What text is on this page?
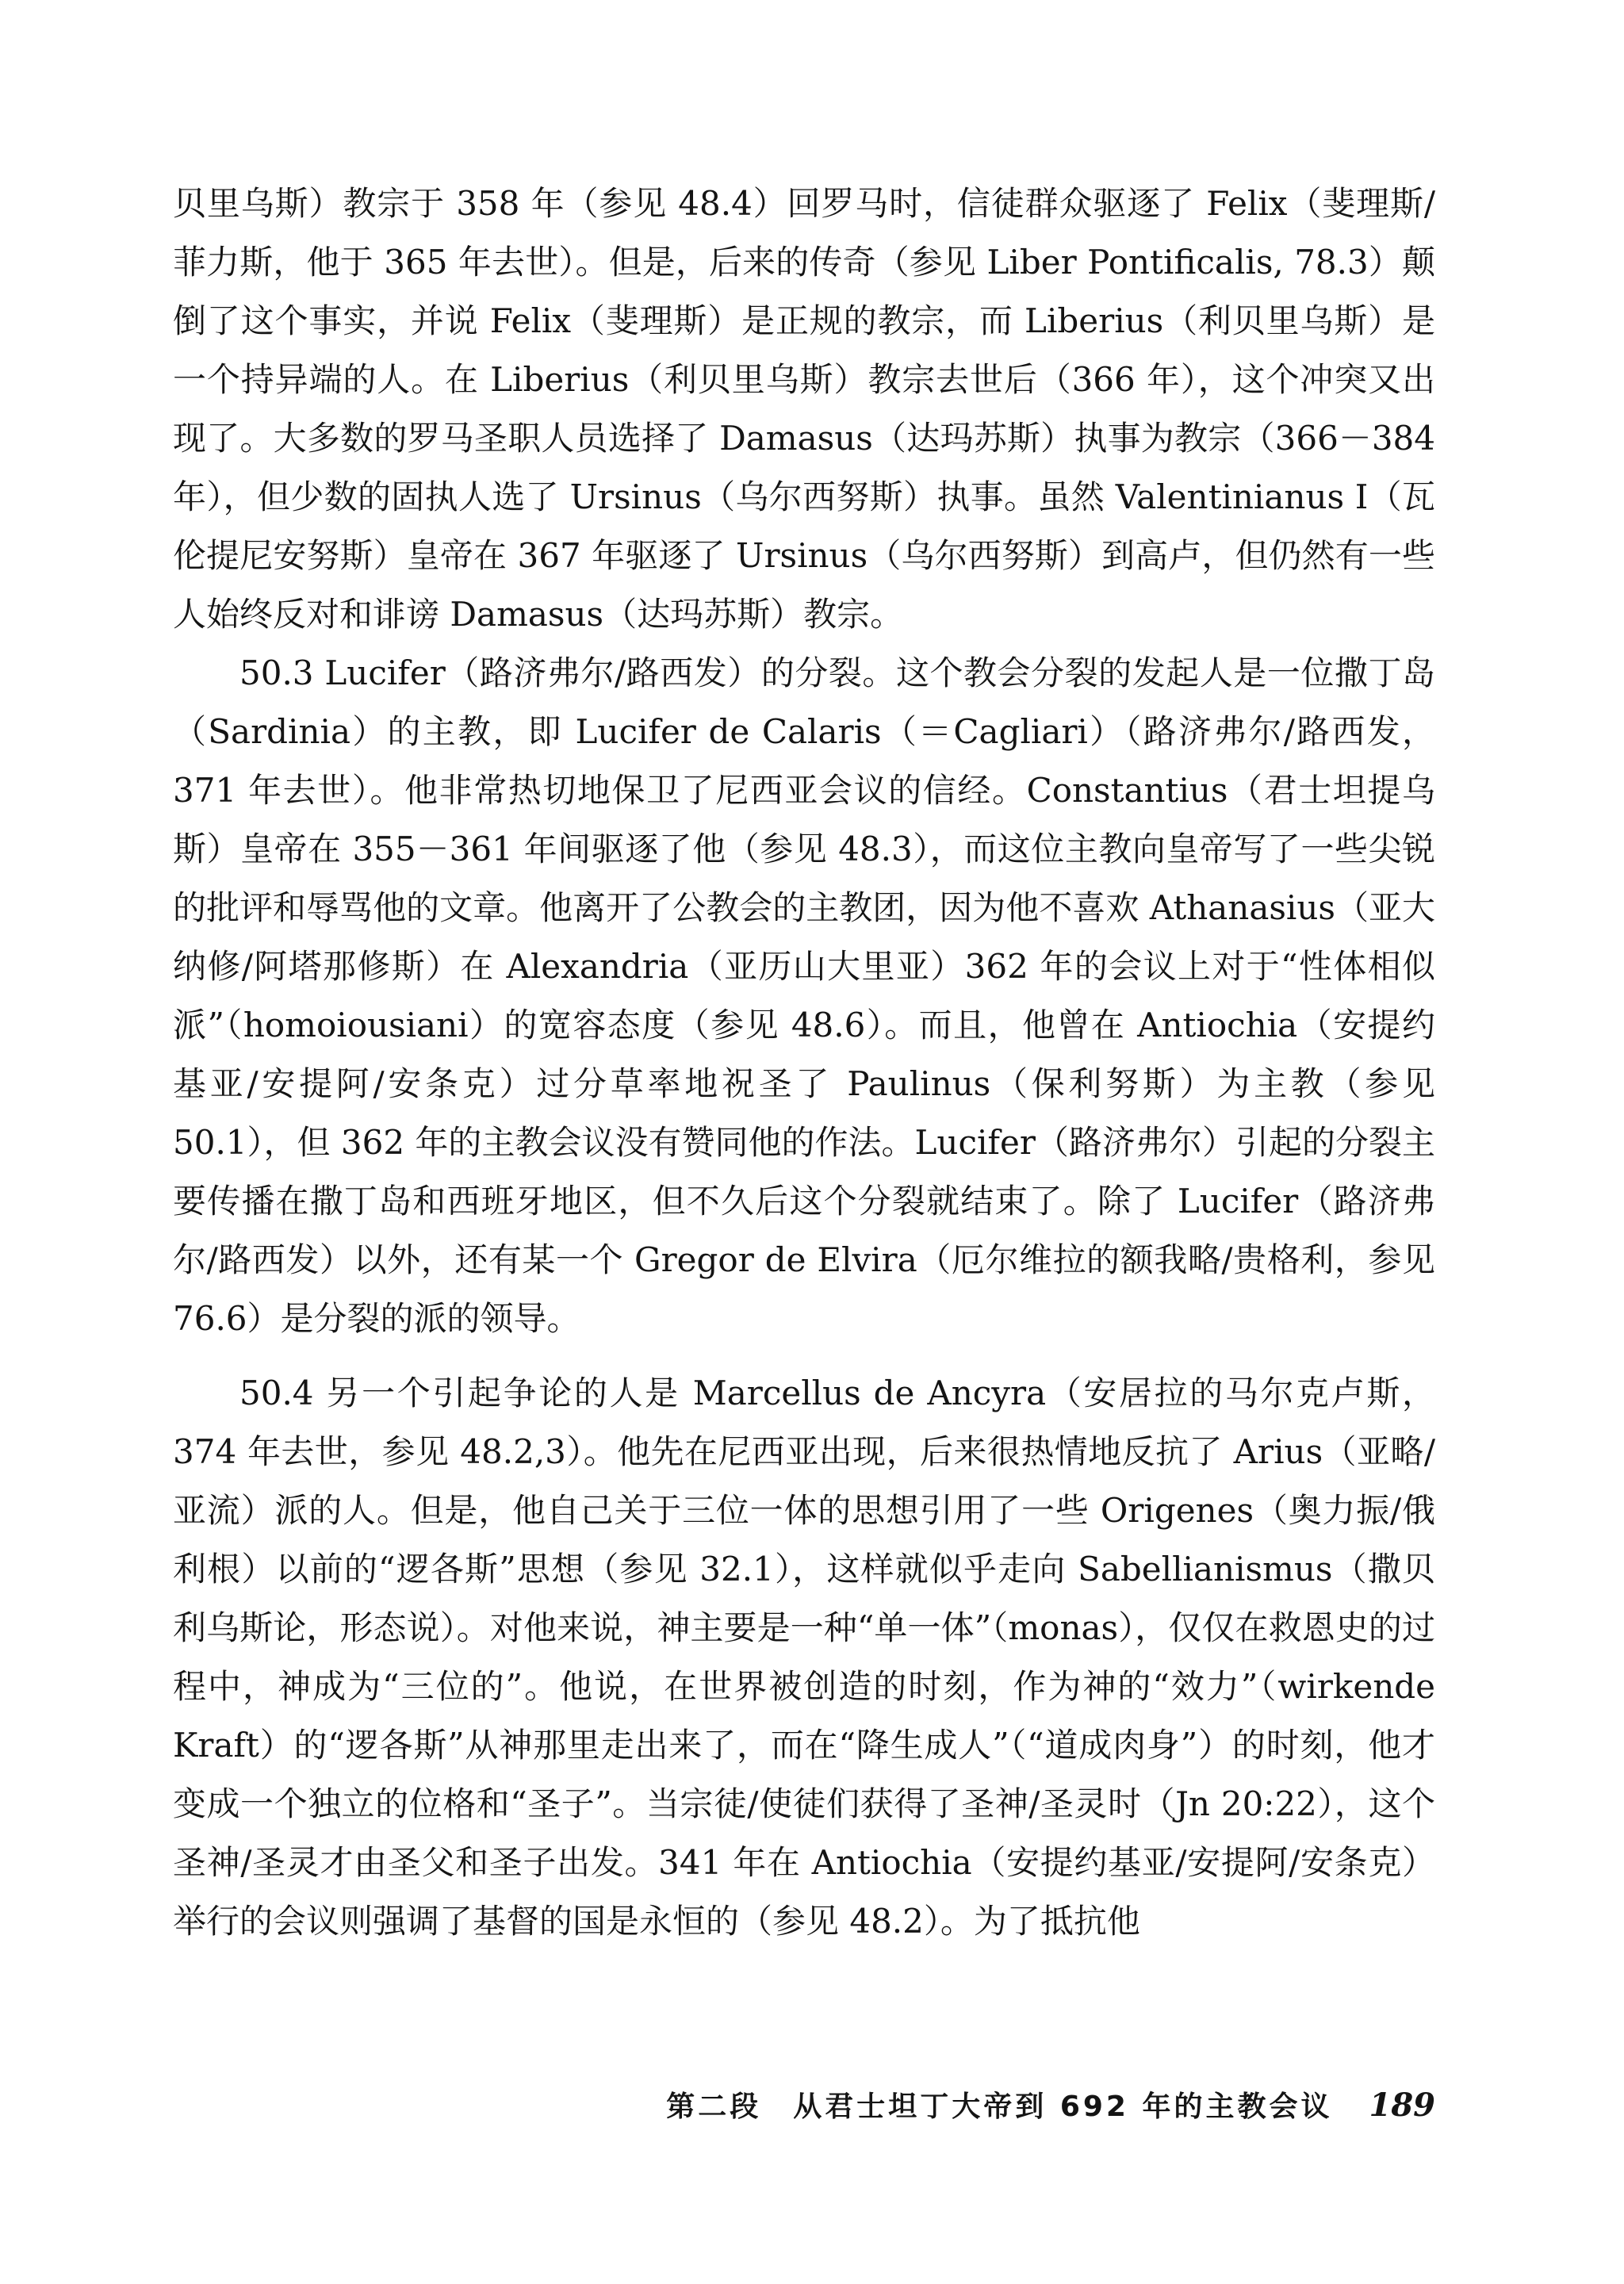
贝里乌斯）教宗于 358 年（参见 48.4）回罗马时，信徒群众驱逐了 Felix（斐理斯/菲力斯，他于 365 年去世）。但是，后来的传奇（参见 Liber Pontificalis, 78.3）颠倒了这个事实，并说 Felix（斐理斯）是正规的教宗，而 Liberius（利贝里乌斯）是一个持异端的人。在 Liberius（利贝里乌斯）教宗去世后（366 年），这个冲突又出现了。大多数的罗马圣职人员选择了 Damasus（达玛苏斯）执事为教宗（366－384 年），但少数的固执人选了 Ursinus（乌尔西努斯）执事。虽然 Valentinianus I（瓦伦提尼安努斯）皇帝在 367 年驱逐了 Ursinus（乌尔西努斯）到高卢，但仍然有一些人始终反对和诽谤 Damasus（达玛苏斯）教宗。

50.3 Lucifer（路济弗尔/路西发）的分裂。这个教会分裂的发起人是一位撒丁岛（Sardinia）的主教，即 Lucifer de Calaris（＝Cagliari）（路济弗尔/路西发，371 年去世）。他非常热切地保卫了尼西亚会议的信经。Constantius（君士坦提乌斯）皇帝在 355－361 年间驱逐了他（参见 48.3），而这位主教向皇帝写了一些尖锐的批评和辱骂他的文章。他离开了公教会的主教团，因为他不喜欢 Athanasius（亚大纳修/阿塔那修斯）在 Alexandria（亚历山大里亚）362 年的会议上对于“性体相似派”（homoiousiani）的宽容态度（参见 48.6）。而且，他曾在 Antiochia（安提约基亚/安提阿/安条克）过分草率地祝圣了 Paulinus（保利努斯）为主教（参见 50.1），但 362 年的主教会议没有赞同他的作法。Lucifer（路济弗尔）引起的分裂主要传播在撒丁岛和西班牙地区，但不久后这个分裂就结束了。除了 Lucifer（路济弗尔/路西发）以外，还有某一个 Gregor de Elvira（厄尔维拉的额我略/贵格利，参见 76.6）是分裂的派的领导。

50.4 另一个引起争论的人是 Marcellus de Ancyra（安居拉的马尔克卢斯，374 年去世，参见 48.2,3）。他先在尼西亚出现，后来很热情地反抗了 Arius（亚略/亚流）派的人。但是，他自己关于三位一体的思想引用了一些 Origenes（奥力振/俄利根）以前的“逻各斯”思想（参见 32.1），这样就似乎走向 Sabellianismus（撒贝利乌斯论，形态说）。对他来说，神主要是一种“单一体”（monas），仅仅在救恩史的过程中，神成为“三位的”。他说，在世界被创造的时刻，作为神的“效力”（wirkende Kraft）的“逻各斯”从神那里走出来了，而在“降生成人”（“道成肉身”）的时刻，他才变成一个独立的位格和“圣子”。当宗徒/使徒们获得了圣神/圣灵时（Jn 20:22），这个圣神/圣灵才由圣父和圣子出发。341 年在 Antiochia（安提约基亚/安提阿/安条克）举行的会议则强调了基督的国是永恒的（参见 48.2）。为了抵抗他

第二段　从君士坦丁大帝到 692 年的主教会议 189
